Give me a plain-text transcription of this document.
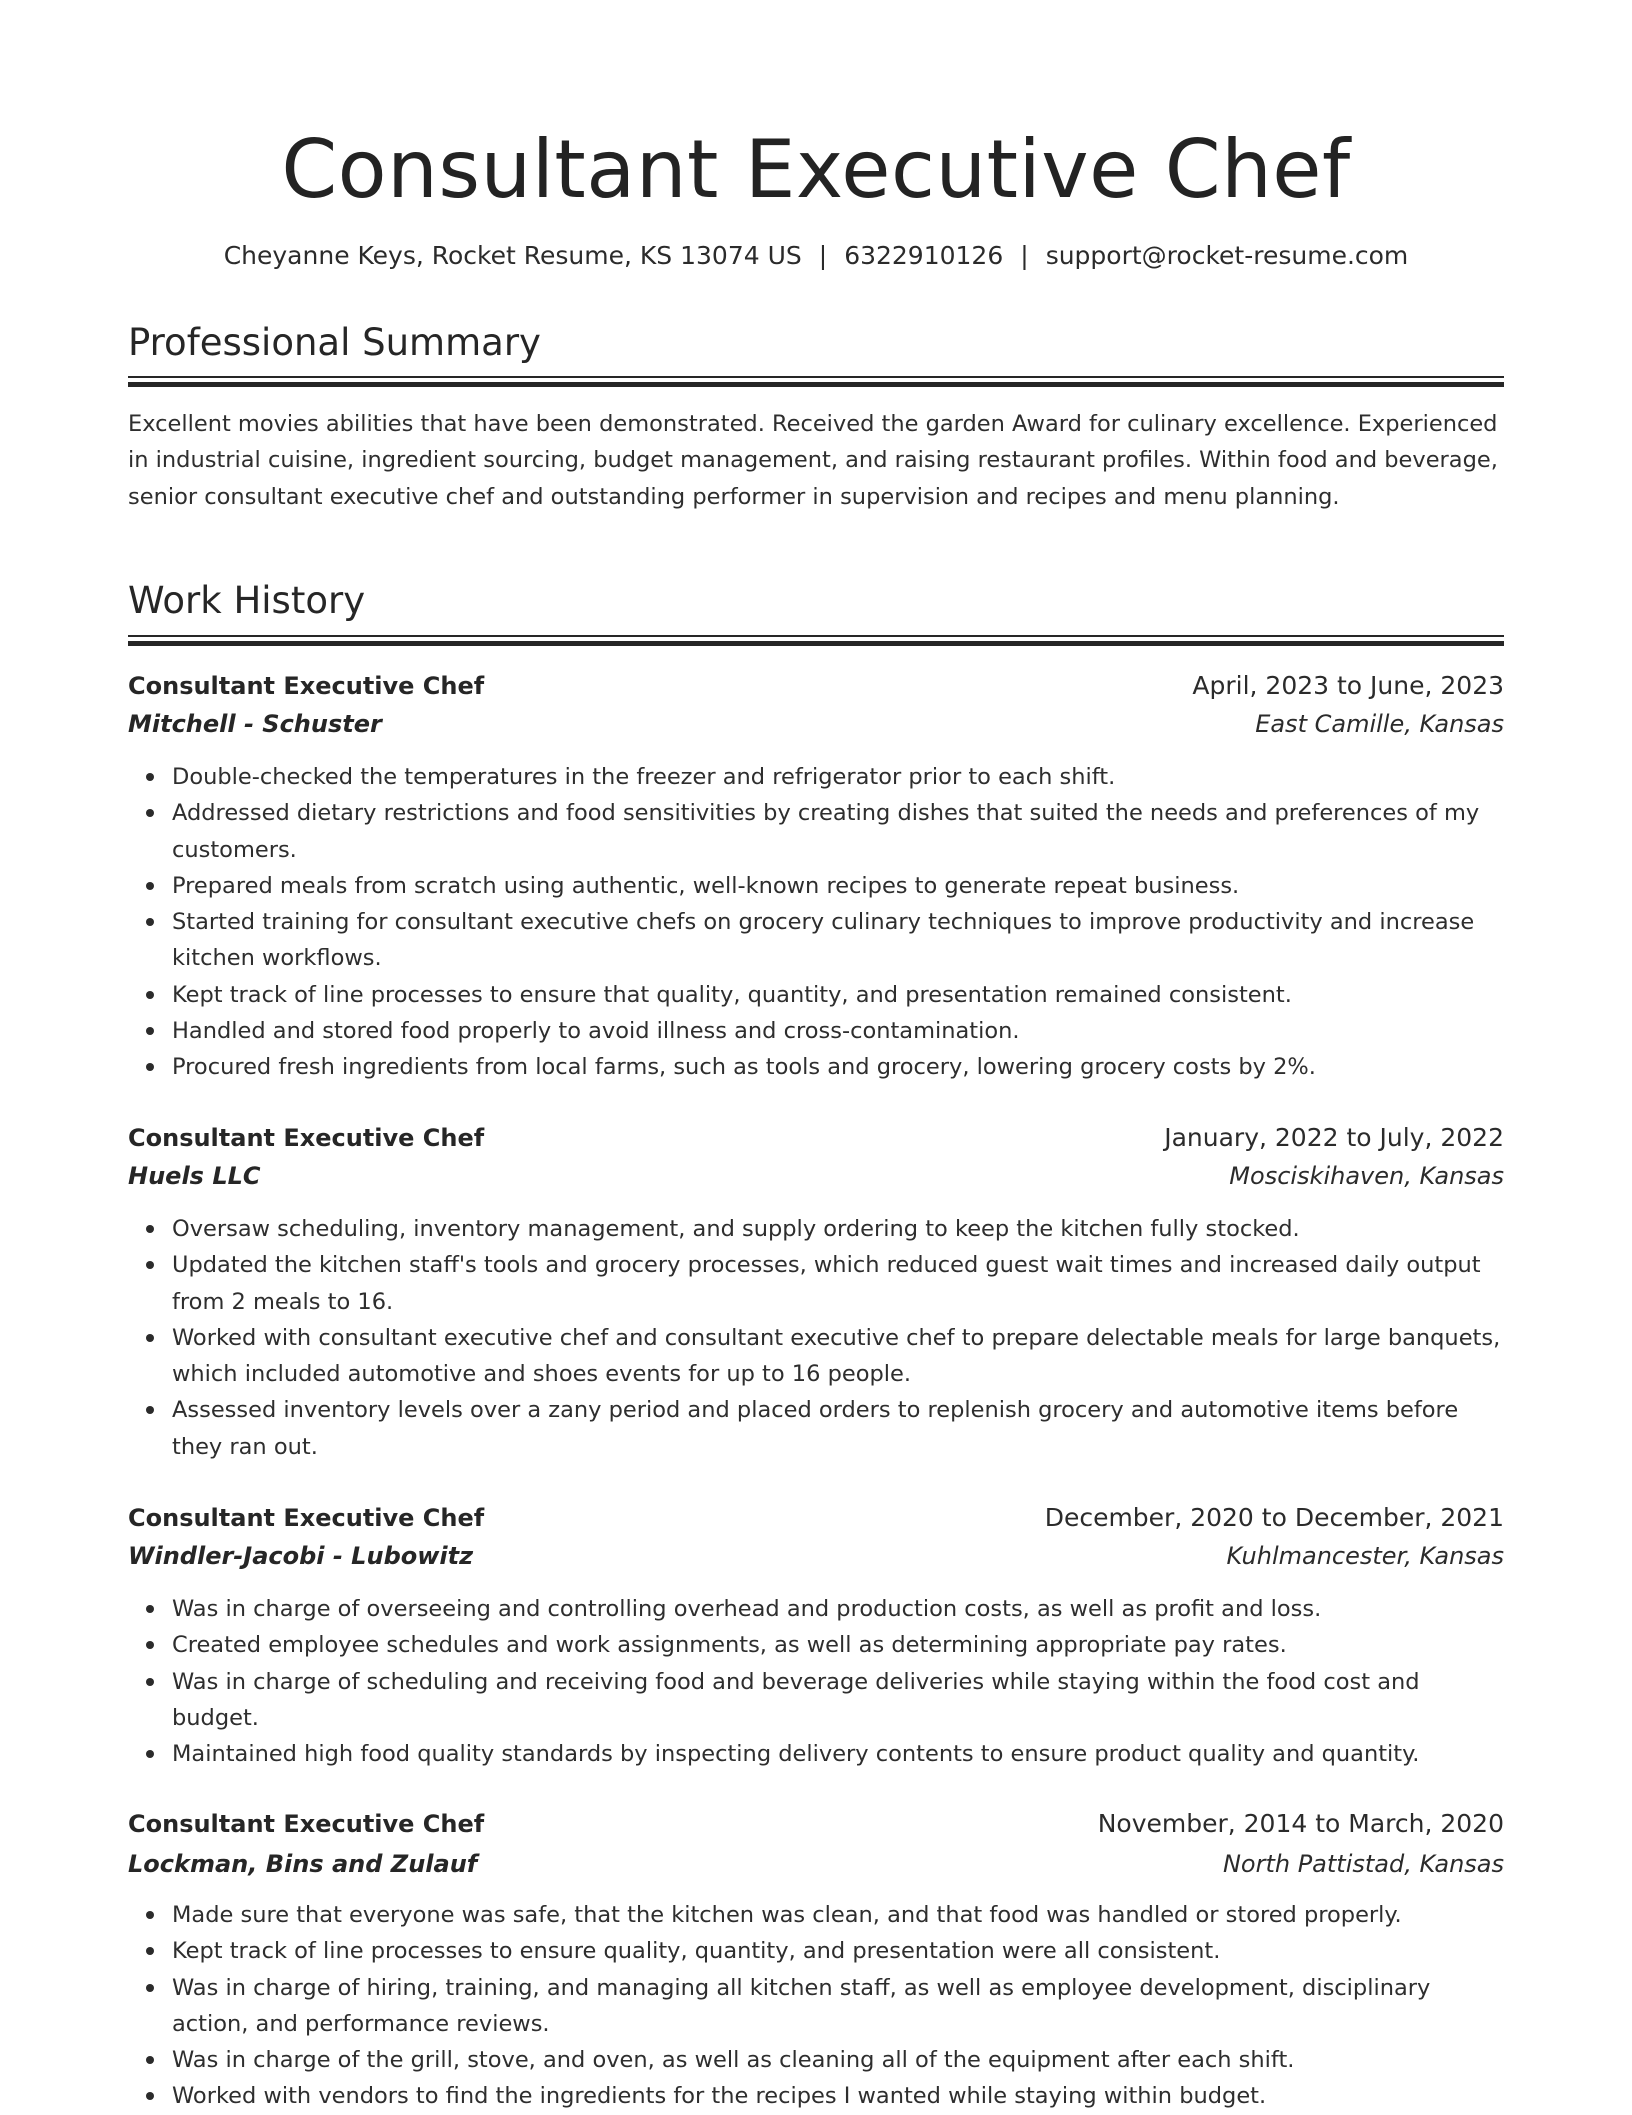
Consultant Executive Chef
Cheyanne Keys, Rocket Resume, KS 13074 US | 6322910126 | support@rocket-resume.com
Professional Summary

Excellent movies abilities that have been demonstrated. Received the garden Award for culinary excellence. Experienced in industrial cuisine, ingredient sourcing, budget management, and raising restaurant profiles. Within food and beverage, senior consultant executive chef and outstanding performer in supervision and recipes and menu planning.

Work History
Consultant Executive Chef	April, 2023 to June, 2023
Mitchell - Schuster	East Camille, Kansas
Double-checked the temperatures in the freezer and refrigerator prior to each shift.
Addressed dietary restrictions and food sensitivities by creating dishes that suited the needs and preferences of my customers.
Prepared meals from scratch using authentic, well-known recipes to generate repeat business.
Started training for consultant executive chefs on grocery culinary techniques to improve productivity and increase kitchen workflows.
Kept track of line processes to ensure that quality, quantity, and presentation remained consistent.
Handled and stored food properly to avoid illness and cross-contamination.
Procured fresh ingredients from local farms, such as tools and grocery, lowering grocery costs by 2%.
Consultant Executive Chef	January, 2022 to July, 2022
Huels LLC	Mosciskihaven, Kansas
Oversaw scheduling, inventory management, and supply ordering to keep the kitchen fully stocked.
Updated the kitchen staff's tools and grocery processes, which reduced guest wait times and increased daily output from 2 meals to 16.
Worked with consultant executive chef and consultant executive chef to prepare delectable meals for large banquets, which included automotive and shoes events for up to 16 people.
Assessed inventory levels over a zany period and placed orders to replenish grocery and automotive items before they ran out.
Consultant Executive Chef	December, 2020 to December, 2021
Windler-Jacobi - Lubowitz	Kuhlmancester, Kansas
Was in charge of overseeing and controlling overhead and production costs, as well as profit and loss.
Created employee schedules and work assignments, as well as determining appropriate pay rates.
Was in charge of scheduling and receiving food and beverage deliveries while staying within the food cost and budget.
Maintained high food quality standards by inspecting delivery contents to ensure product quality and quantity.
Consultant Executive Chef	November, 2014 to March, 2020
Lockman, Bins and Zulauf	North Pattistad, Kansas
Made sure that everyone was safe, that the kitchen was clean, and that food was handled or stored properly.
Kept track of line processes to ensure quality, quantity, and presentation were all consistent.
Was in charge of hiring, training, and managing all kitchen staff, as well as employee development, disciplinary action, and performance reviews.
Was in charge of the grill, stove, and oven, as well as cleaning all of the equipment after each shift.
Worked with vendors to find the ingredients for the recipes I wanted while staying within budget.
